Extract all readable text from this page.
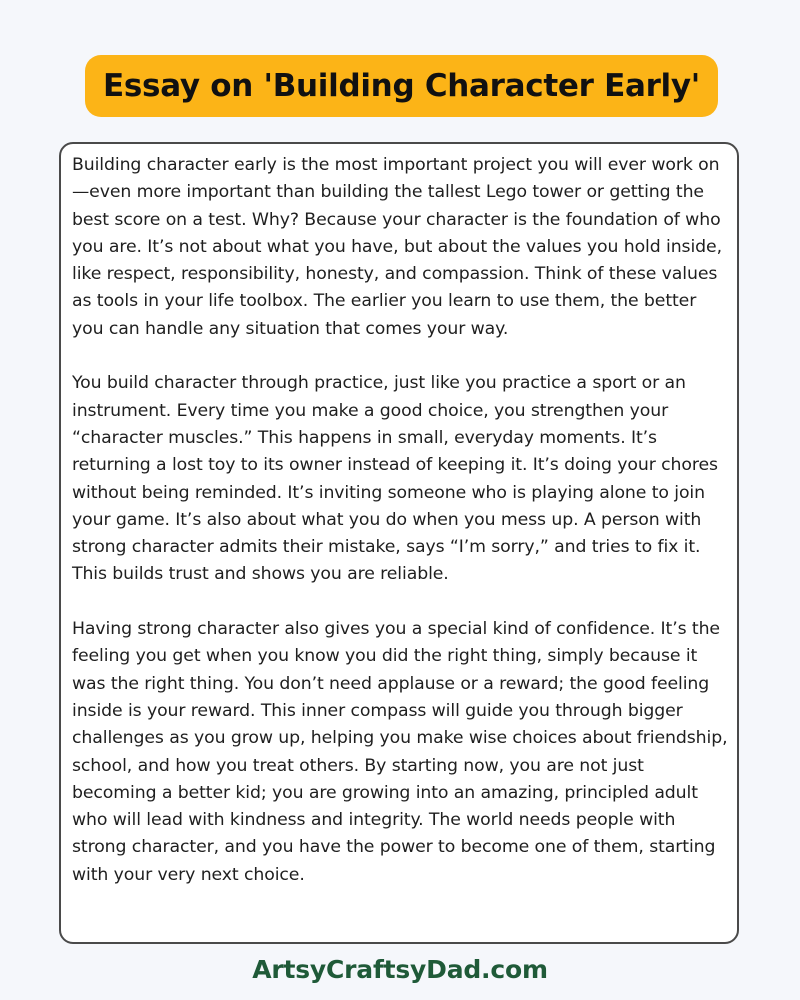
Essay on 'Building Character Early'

Building character early is the most important project you will ever work on—even more important than building the tallest Lego tower or getting the best score on a test. Why? Because your character is the foundation of who you are. It’s not about what you have, but about the values you hold inside, like respect, responsibility, honesty, and compassion. Think of these values as tools in your life toolbox. The earlier you learn to use them, the better you can handle any situation that comes your way.

You build character through practice, just like you practice a sport or an instrument. Every time you make a good choice, you strengthen your “character muscles.” This happens in small, everyday moments. It’s returning a lost toy to its owner instead of keeping it. It’s doing your chores without being reminded. It’s inviting someone who is playing alone to join your game. It’s also about what you do when you mess up. A person with strong character admits their mistake, says “I’m sorry,” and tries to fix it. This builds trust and shows you are reliable.

Having strong character also gives you a special kind of confidence. It’s the feeling you get when you know you did the right thing, simply because it was the right thing. You don’t need applause or a reward; the good feeling inside is your reward. This inner compass will guide you through bigger challenges as you grow up, helping you make wise choices about friendship, school, and how you treat others. By starting now, you are not just becoming a better kid; you are growing into an amazing, principled adult who will lead with kindness and integrity. The world needs people with strong character, and you have the power to become one of them, starting with your very next choice.

ArtsyCraftsyDad.com
